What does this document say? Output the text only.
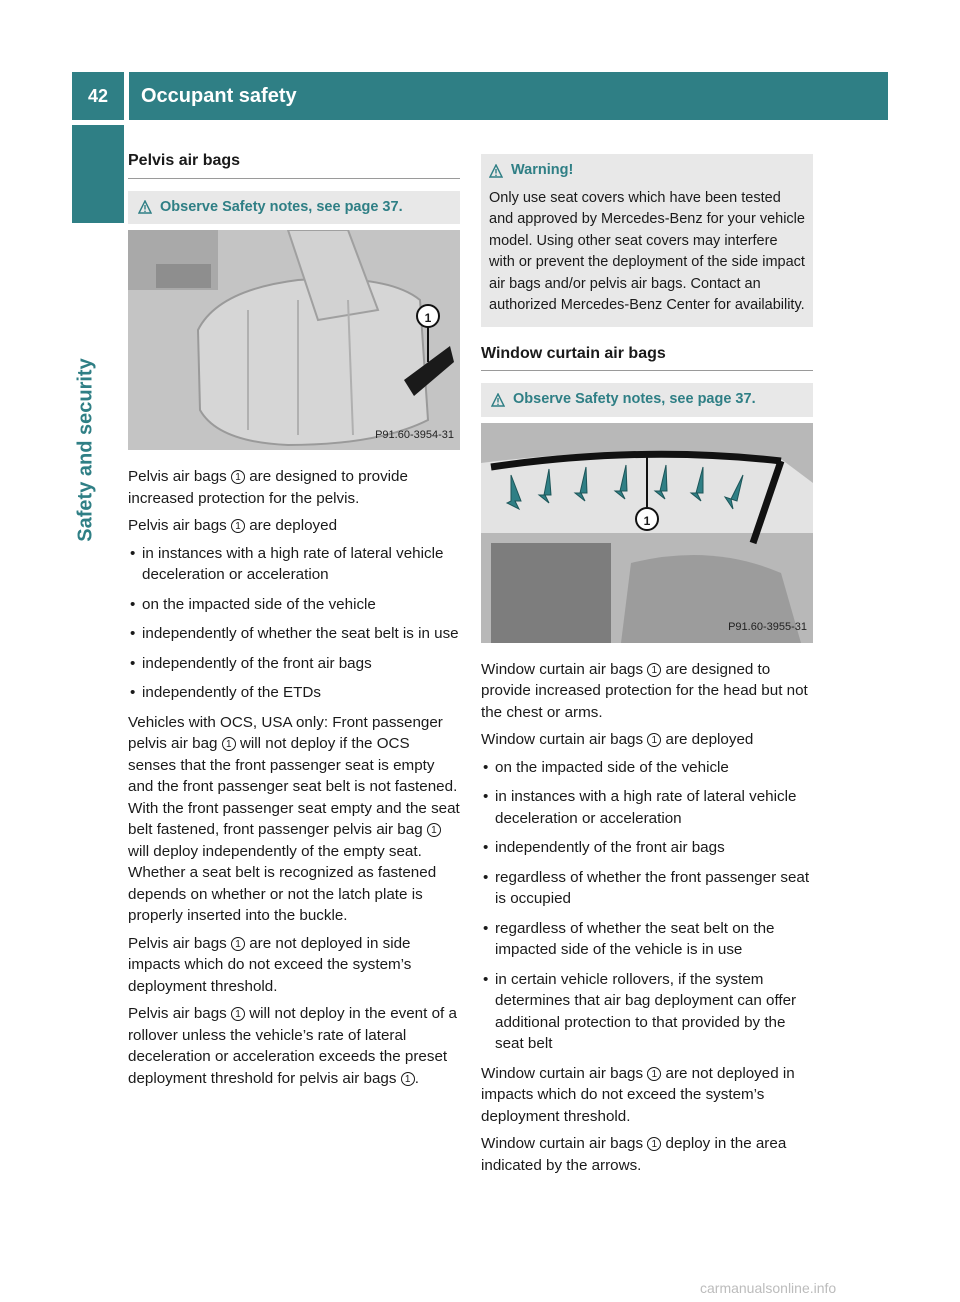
42	Occupant safety
Safety and security
Pelvis air bags
Observe Safety notes, see page 37.
1
P91.60-3954-31

Pelvis air bags 1 are designed to provide increased protection for the pelvis.

Pelvis air bags 1 are deployed

• in instances with a high rate of lateral vehicle deceleration or acceleration
• on the impacted side of the vehicle
• independently of whether the seat belt is in use
• independently of the front air bags
• independently of the ETDs

Vehicles with OCS, USA only: Front passenger pelvis air bag 1 will not deploy if the OCS senses that the front passenger seat is empty and the front passenger seat belt is not fastened. With the front passenger seat empty and the seat belt fastened, front passenger pelvis air bag 1 will deploy independently of the empty seat. Whether a seat belt is recognized as fastened depends on whether or not the latch plate is properly inserted into the buckle.

Pelvis air bags 1 are not deployed in side impacts which do not exceed the system’s deployment threshold.

Pelvis air bags 1 will not deploy in the event of a rollover unless the vehicle’s rate of lateral deceleration or acceleration exceeds the preset deployment threshold for pelvis air bags 1 .

Warning!
Only use seat covers which have been tested and approved by Mercedes-Benz for your vehicle model. Using other seat covers may interfere with or prevent the deployment of the side impact air bags and/or pelvis air bags. Contact an authorized Mercedes-Benz Center for availability.
Window curtain air bags
Observe Safety notes, see page 37.
1
P91.60-3955-31

Window curtain air bags 1 are designed to provide increased protection for the head but not the chest or arms.

Window curtain air bags 1 are deployed

• on the impacted side of the vehicle
• in instances with a high rate of lateral vehicle deceleration or acceleration
• independently of the front air bags
• regardless of whether the front passenger seat is occupied
• regardless of whether the seat belt on the impacted side of the vehicle is in use
• in certain vehicle rollovers, if the system determines that air bag deployment can offer additional protection to that provided by the seat belt

Window curtain air bags 1 are not deployed in impacts which do not exceed the system’s deployment threshold.

Window curtain air bags 1 deploy in the area indicated by the arrows.

carmanualsonline.info
